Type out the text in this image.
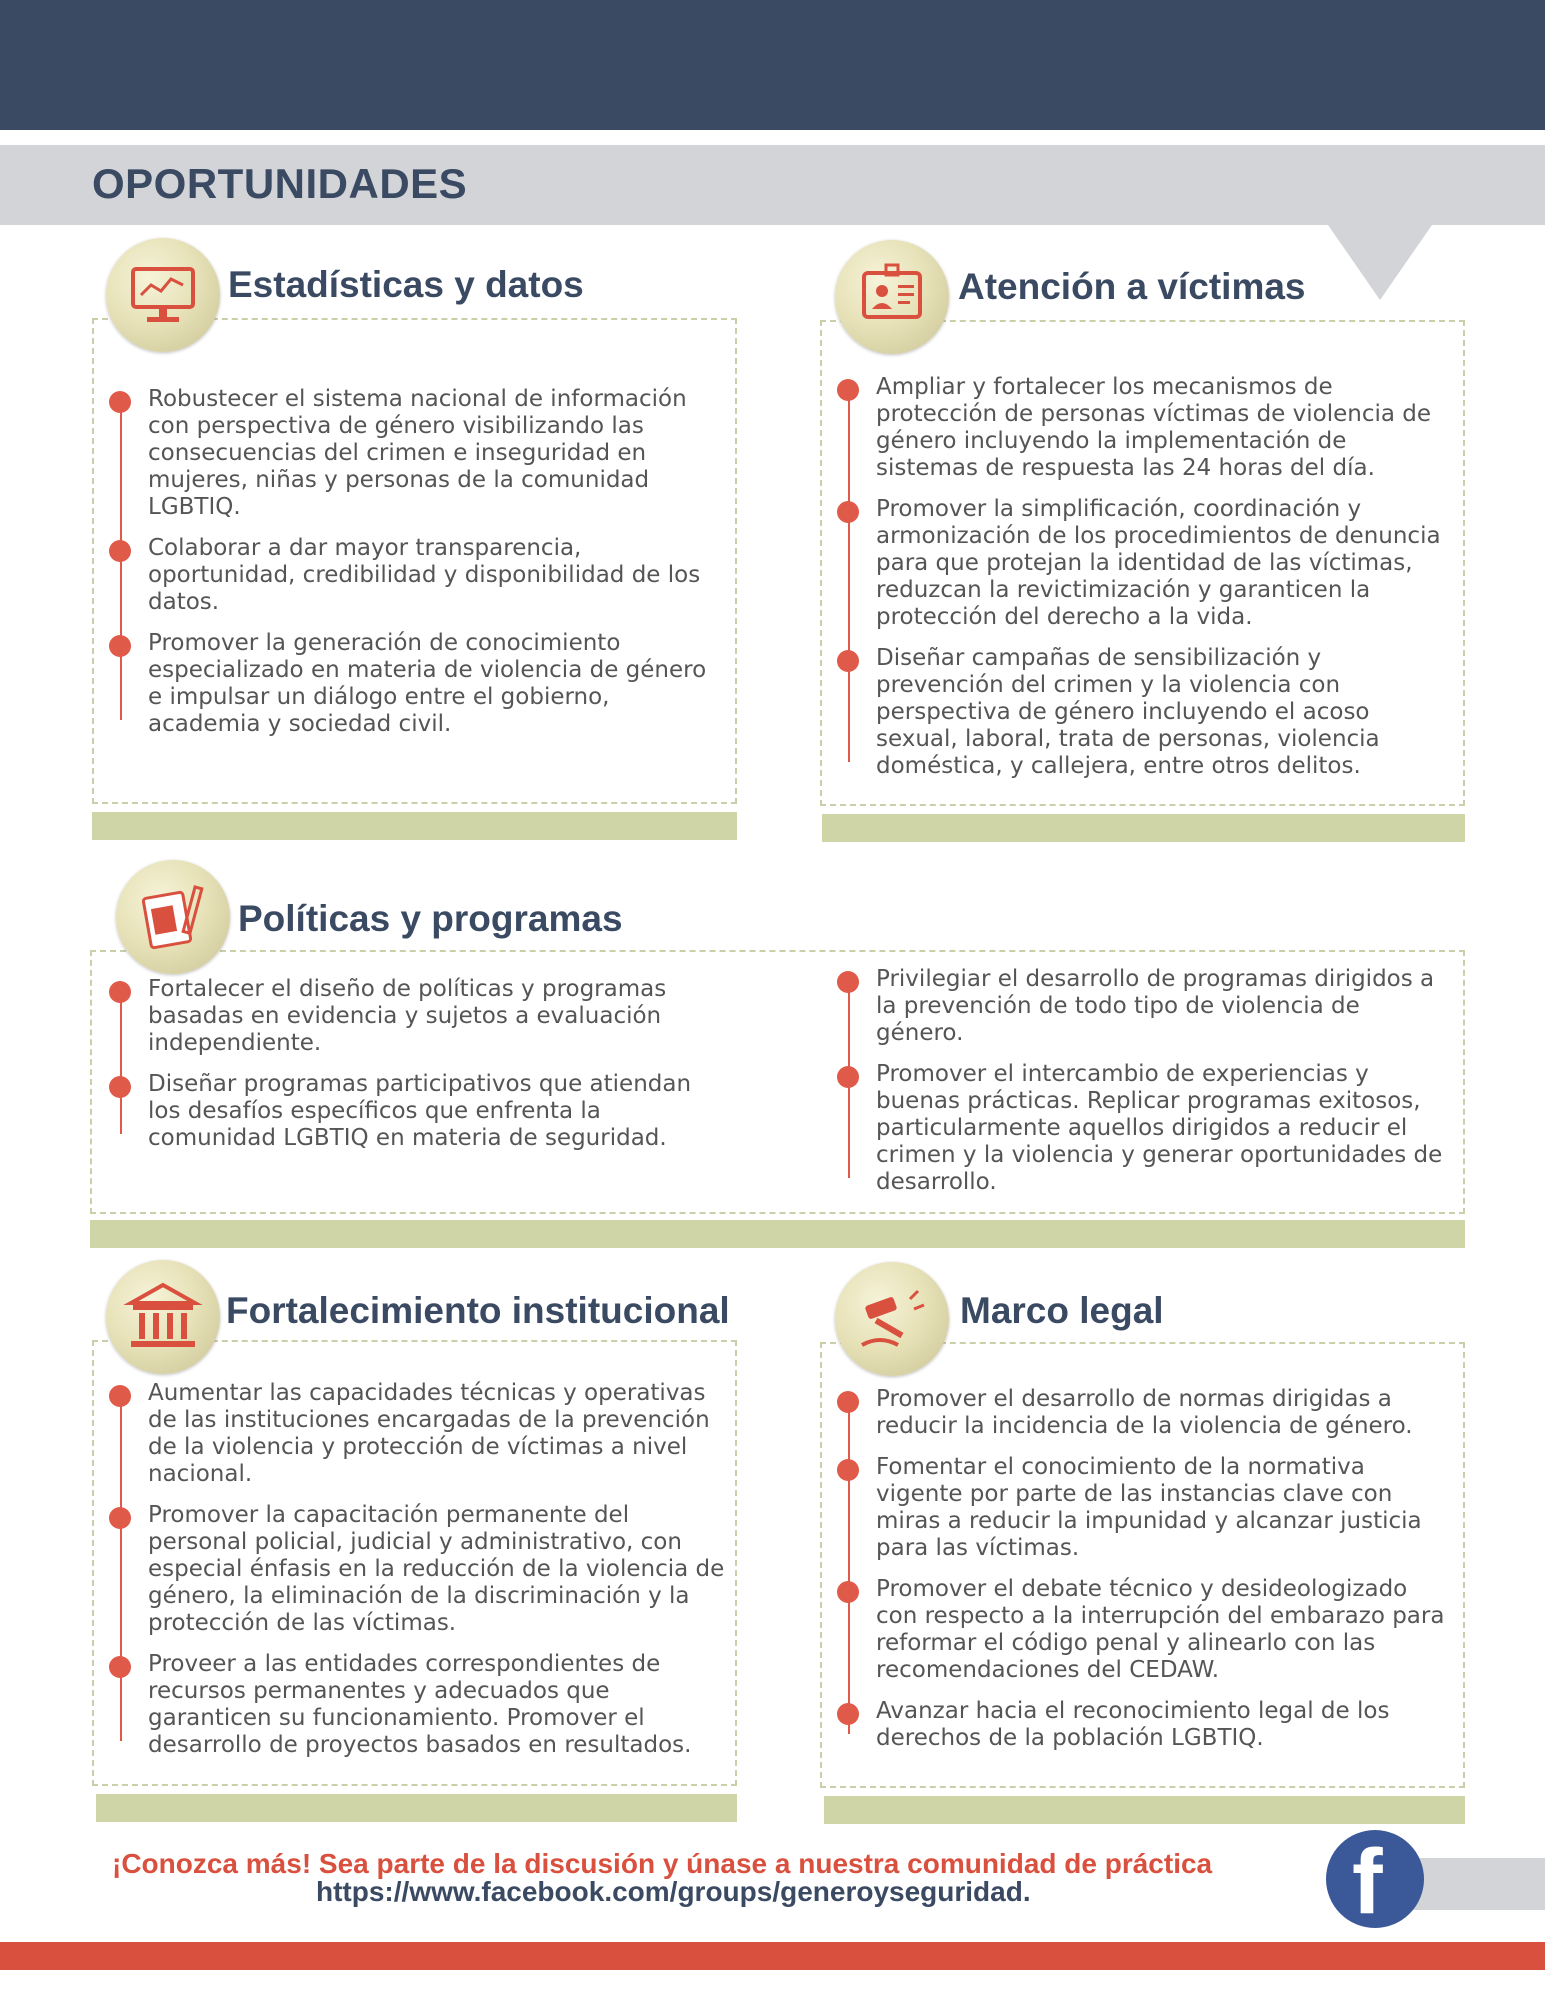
OPORTUNIDADES
Estadísticas y datos
Robustecer el sistema nacional de información con perspectiva de género visibilizando las consecuencias del crimen e inseguridad en mujeres, niñas y personas de la comunidad LGBTIQ.
Colaborar a dar mayor transparencia, oportunidad, credibilidad y disponibilidad de los datos.
Promover la generación de conocimiento especializado en materia de violencia de género e impulsar un diálogo entre el gobierno, academia y sociedad civil.
Atención a víctimas
Ampliar y fortalecer los mecanismos de protección de personas víctimas de violencia de género incluyendo la implementación de sistemas de respuesta las 24 horas del día.
Promover la simplificación, coordinación y armonización de los procedimientos de denuncia para que protejan la identidad de las víctimas, reduzcan la revictimización y garanticen la protección del derecho a la vida.
Diseñar campañas de sensibilización y prevención del crimen y la violencia con perspectiva de género incluyendo el acoso sexual, laboral, trata de personas, violencia doméstica, y callejera, entre otros delitos.
Políticas y programas
Fortalecer el diseño de políticas y programas basadas en evidencia y sujetos a evaluación independiente.
Diseñar programas participativos que atiendan los desafíos específicos que enfrenta la comunidad LGBTIQ en materia de seguridad.
Privilegiar el desarrollo de programas dirigidos a la prevención de todo tipo de violencia de género.
Promover el intercambio de experiencias y buenas prácticas. Replicar programas exitosos, particularmente aquellos dirigidos a reducir el crimen y la violencia y generar oportunidades de desarrollo.
Fortalecimiento institucional
Aumentar las capacidades técnicas y operativas de las instituciones encargadas de la prevención de la violencia y protección de víctimas a nivel nacional.
Promover la capacitación permanente del personal policial, judicial y administrativo, con especial énfasis en la reducción de la violencia de género, la eliminación de la discriminación y la protección de las víctimas.
Proveer a las entidades correspondientes de recursos permanentes y adecuados que garanticen su funcionamiento. Promover el desarrollo de proyectos basados en resultados.
Marco legal
Promover el desarrollo de normas dirigidas a reducir la incidencia de la violencia de género.
Fomentar el conocimiento de la normativa vigente por parte de las instancias clave con miras a reducir la impunidad y alcanzar justicia para las víctimas.
Promover el debate técnico y desideologizado con respecto a la interrupción del embarazo para reformar el código penal y alinearlo con las recomendaciones del CEDAW.
Avanzar hacia el reconocimiento legal de los derechos de la población LGBTIQ.

¡Conozca más! Sea parte de la discusión y únase a nuestra comunidad de práctica

https://www.facebook.com/groups/generoyseguridad.	f
